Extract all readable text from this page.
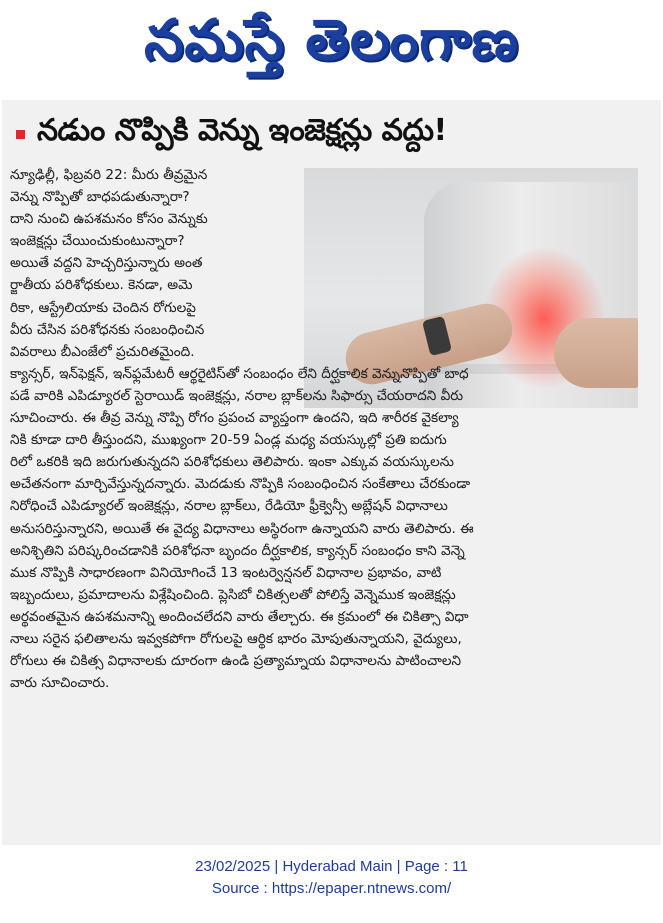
నమస్తే తెలంగాణ
నడుం నొప్పికి వెన్ను ఇంజెక్షన్లు వద్దు!

న్యూఢిల్లీ, ఫిబ్రవరి 22: మీరు తీవ్రమైన

వెన్ను నొప్పితో బాధపడుతున్నారా?

దాని నుంచి ఉపశమనం కోసం వెన్నుకు

ఇంజెక్షన్లు చేయించుకుంటున్నారా?

అయితే వద్దని హెచ్చరిస్తున్నారు అంత

ర్జాతీయ పరిశోధకులు. కెనడా, అమె

రికా, ఆస్ట్రేలియాకు చెందిన రోగులపై

వీరు చేసిన పరిశోధనకు సంబంధించిన

వివరాలు బీఎంజేలో ప్రచురితమైంది.

క్యాన్సర్, ఇన్‌ఫెక్షన్, ఇన్‌ఫ్లమేటరీ ఆర్థరైటిస్‌తో సంబంధం లేని దీర్ఘకాలిక వెన్నునొప్పితో బాధ

పడే వారికి ఎపిడ్యూరల్ స్టెరాయిడ్ ఇంజెక్షన్లు, నరాల బ్లాక్‌లను సిఫార్సు చేయరాదని వీరు

సూచించారు. ఈ తీవ్ర వెన్ను నొప్పి రోగం ప్రపంచ వ్యాప్తంగా ఉందని, ఇది శారీరక వైకల్యా

నికి కూడా దారి తీస్తుందని, ముఖ్యంగా 20-59 ఏండ్ల మధ్య వయస్కుల్లో ప్రతి ఐదుగు

రిలో ఒకరికి ఇది జరుగుతున్నదని పరిశోధకులు తెలిపారు. ఇంకా ఎక్కువ వయస్కులను

అచేతనంగా మార్చివేస్తున్నదన్నారు. మెదడుకు నొప్పికి సంబంధించిన సంకేతాలు చేరకుండా

నిరోధించే ఎపిడ్యూరల్ ఇంజెక్షన్లు, నరాల బ్లాక్‌లు, రేడియో ఫ్రీక్వెన్సీ అబ్లేషన్ విధానాలు

అనుసరిస్తున్నారని, అయితే ఈ వైద్య విధానాలు అస్థిరంగా ఉన్నాయని వారు తెలిపారు. ఈ

అనిశ్చితిని పరిష్కరించడానికి పరిశోధనా బృందం దీర్ఘకాలిక, క్యాన్సర్ సంబంధం కాని వెన్నె

ముక నొప్పికి సాధారణంగా వినియోగించే 13 ఇంటర్వెన్షనల్ విధానాల ప్రభావం, వాటి

ఇబ్బందులు, ప్రమాదాలను విశ్లేషించింది. ప్లెసిబో చికిత్సలతో పోలిస్తే వెన్నెముక ఇంజెక్షన్లు

అర్థవంతమైన ఉపశమనాన్ని అందించలేదని వారు తేల్చారు. ఈ క్రమంలో ఈ చికిత్సా విధా

నాలు సరైన ఫలితాలను ఇవ్వకపోగా రోగులపై ఆర్థిక భారం మోపుతున్నాయని, వైద్యులు,

రోగులు ఈ చికిత్స విధానాలకు దూరంగా ఉండి ప్రత్యామ్నాయ విధానాలను పాటించాలని

వారు సూచించారు.

23/02/2025 | Hyderabad Main | Page : 11
Source : https://epaper.ntnews.com/
